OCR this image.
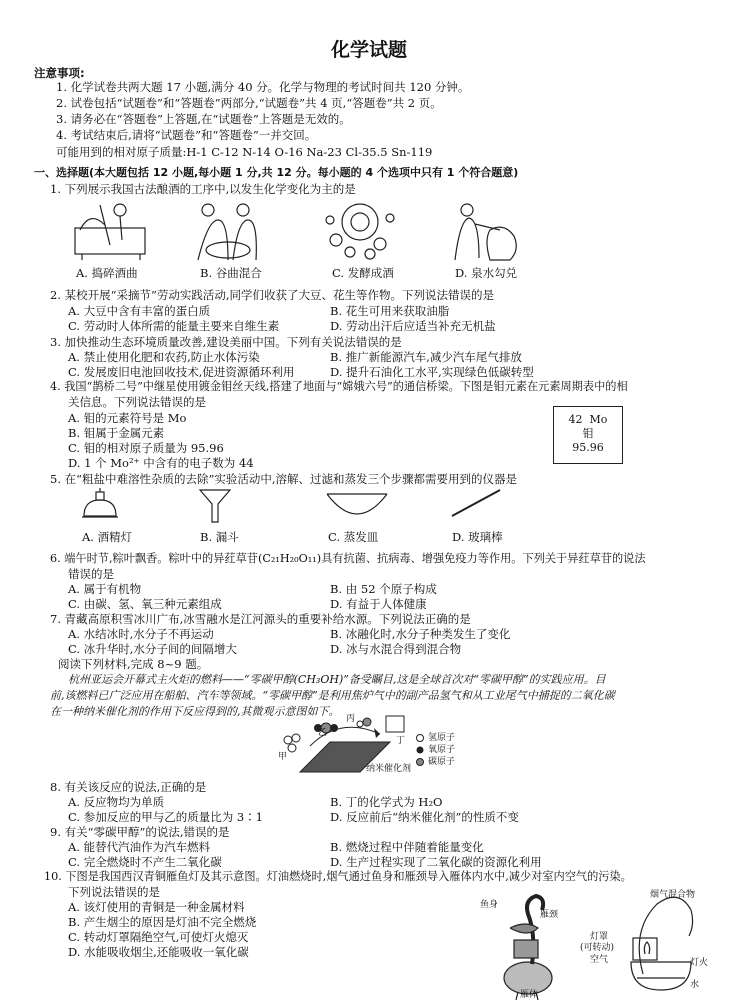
化学试题
注意事项:
1. 化学试卷共两大题 17 小题,满分 40 分。化学与物理的考试时间共 120 分钟。
2. 试卷包括“试题卷”和“答题卷”两部分,“试题卷”共 4 页,“答题卷”共 2 页。
3. 请务必在“答题卷”上答题,在“试题卷”上答题是无效的。
4. 考试结束后,请将“试题卷”和“答题卷”一并交回。
可能用到的相对原子质量:H-1 C-12 N-14 O-16 Na-23 Cl-35.5 Sn-119
一、选择题(本大题包括 12 小题,每小题 1 分,共 12 分。每小题的 4 个选项中只有 1 个符合题意)
1. 下列展示我国古法酿酒的工序中,以发生化学变化为主的是
A. 捣碎酒曲	B. 谷曲混合	C. 发酵成酒	D. 泉水勾兑
2. 某校开展“采摘节”劳动实践活动,同学们收获了大豆、花生等作物。下列说法错误的是
A. 大豆中含有丰富的蛋白质	B. 花生可用来获取油脂
C. 劳动时人体所需的能量主要来自维生素	D. 劳动出汗后应适当补充无机盐
3. 加快推动生态环境质量改善,建设美丽中国。下列有关说法错误的是
A. 禁止使用化肥和农药,防止水体污染	B. 推广新能源汽车,减少汽车尾气排放
C. 发展废旧电池回收技术,促进资源循环利用	D. 提升石油化工水平,实现绿色低碳转型
4. 我国“鹊桥二号”中继星使用镀金钼丝天线,搭建了地面与“嫦娥六号”的通信桥梁。下图是钼元素在元素周期表中的相
关信息。下列说法错误的是
A. 钼的元素符号是 Mo
B. 钼属于金属元素
C. 钼的相对原子质量为 95.96
D. 1 个 Mo²⁺ 中含有的电子数为 44
42 Mo
钼
95.96
5. 在“粗盐中难溶性杂质的去除”实验活动中,溶解、过滤和蒸发三个步骤都需要用到的仪器是
A. 酒精灯	B. 漏斗	C. 蒸发皿	D. 玻璃棒
6. 端午时节,粽叶飘香。粽叶中的异荭草苷(C₂₁H₂₀O₁₁)具有抗菌、抗病毒、增强免疫力等作用。下列关于异荭草苷的说法
错误的是
A. 属于有机物	B. 由 52 个原子构成
C. 由碳、氢、氧三种元素组成	D. 有益于人体健康
7. 青藏高原积雪冰川广布,冰雪融水是江河源头的重要补给水源。下列说法正确的是
A. 水结冰时,水分子不再运动	B. 冰融化时,水分子种类发生了变化
C. 冰升华时,水分子间的间隔增大	D. 冰与水混合得到混合物
阅读下列材料,完成 8~9 题。
杭州亚运会开幕式主火炬的燃料——“零碳甲醇(CH₃OH)”备受瞩目,这是全球首次对“零碳甲醇”的实践应用。目
前,该燃料已广泛应用在船舶、汽车等领域。“零碳甲醇”是利用焦炉气中的副产品氢气和从工业尾气中捕捉的二氧化碳
在一种纳米催化剂的作用下反应得到的,其微观示意图如下。
甲
乙
丙
丁
纳米催化剂
氢原子
氧原子
碳原子
8. 有关该反应的说法,正确的是
A. 反应物均为单质	B. 丁的化学式为 H₂O
C. 参加反应的甲与乙的质量比为 3∶1	D. 反应前后“纳米催化剂”的性质不变
9. 有关“零碳甲醇”的说法,错误的是
A. 能替代汽油作为汽车燃料	B. 燃烧过程中伴随着能量变化
C. 完全燃烧时不产生二氧化碳	D. 生产过程实现了二氧化碳的资源化利用
10. 下图是我国西汉青铜雁鱼灯及其示意图。灯油燃烧时,烟气通过鱼身和雁颈导入雁体内水中,减少对室内空气的污染。
下列说法错误的是
A. 该灯使用的青铜是一种金属材料
B. 产生烟尘的原因是灯油不完全燃烧
C. 转动灯罩隔绝空气,可使灯火熄灭
D. 水能吸收烟尘,还能吸收一氧化碳
鱼身
雁颈
雁体
烟气混合物
灯罩
(可转动)
空气	灯火
水
